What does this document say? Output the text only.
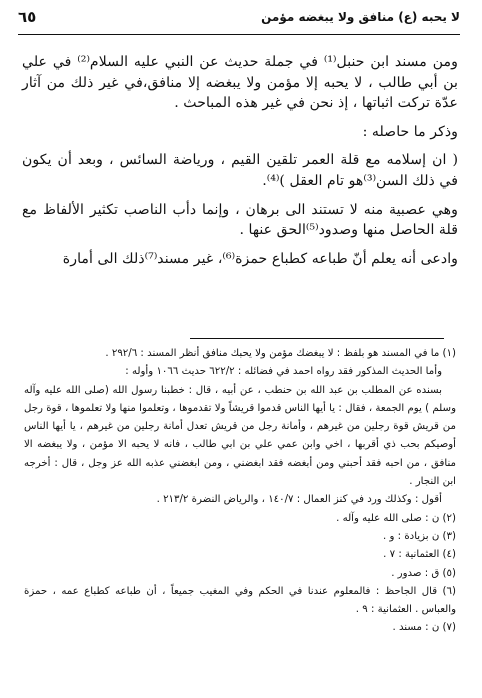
لا يحبه (ع) منافق ولا يبغضه مؤمن
٦٥

ومن مسند ابن حنبل⁽¹⁾ في جملة حديث عن النبي عليه السلام⁽²⁾ في علي بن أبي طالب ، لا يحبه إلا مؤمن ولا يبغضه إلا منافق،في غير ذلك من آثار عدّة تركت اثباتها ، إذ نحن في غير هذه المباحث .

وذكر ما حاصله :

( ان إسلامه مع قلة العمر تلقين القيم ، ورياضة السائس ، وبعد أن يكون في ذلك السن⁽³⁾هو تام العقل )⁽⁴⁾.

وهي عصبية منه لا تستند الى برهان ، وإنما دأب الناصب تكثير الألفاظ مع قلة الحاصل منها وصدود⁽⁵⁾الحق عنها .

وادعى أنه يعلم أنّ طباعه كطباع حمزة⁽⁶⁾، غير مسند⁽⁷⁾ذلك الى أمارة

(١) ما في المسند هو بلفظ : لا يبغضك مؤمن ولا يحبك منافق أنظر المسند : ٢٩٢/٦ .

وأما الحديث المذكور فقد رواه احمد في فضائله : ٦٢٢/٢ حديث ١٠٦٦ وأوله :

بسنده عن المطلب بن عبد الله بن حنطب ، عن أبيه ، قال : خطبنا رسول الله (صلى الله عليه وآله وسلم ) يوم الجمعة ، فقال : يا أيها الناس قدموا قريشاً ولا تقدموها ، وتعلموا منها ولا تعلموها ، قوة رجل من قريش قوة رجلين من غيرهم ، وأمانة رجل من قريش تعدل أمانة رجلين من غيرهم ، يا أيها الناس أوصيكم بحب ذي أقربها ، اخي وابن عمي علي بن ابي طالب ، فانه لا يحبه الا مؤمن ، ولا يبغضه الا منافق ، من احبه فقد أحبني ومن أبغضه فقد ابغضني ، ومن ابغضني عذبه الله عز وجل ، قال : أخرجه ابن النجار .

أقول : وكذلك ورد في كنز العمال : ١٤٠/٧ ، والرياض النضرة ٢١٣/٢ .

(٢) ن : صلى الله عليه وآله .

(٣) ن بزيادة : و .

(٤) العثمانية : ٧ .

(٥) ق : صدور .

(٦) قال الجاحظ : فالمعلوم عندنا في الحكم وفي المغيب جميعاً ، أن طباعه كطباع عمه ، حمزة والعباس . العثمانية : ٩ .

(٧) ن : مسند .
